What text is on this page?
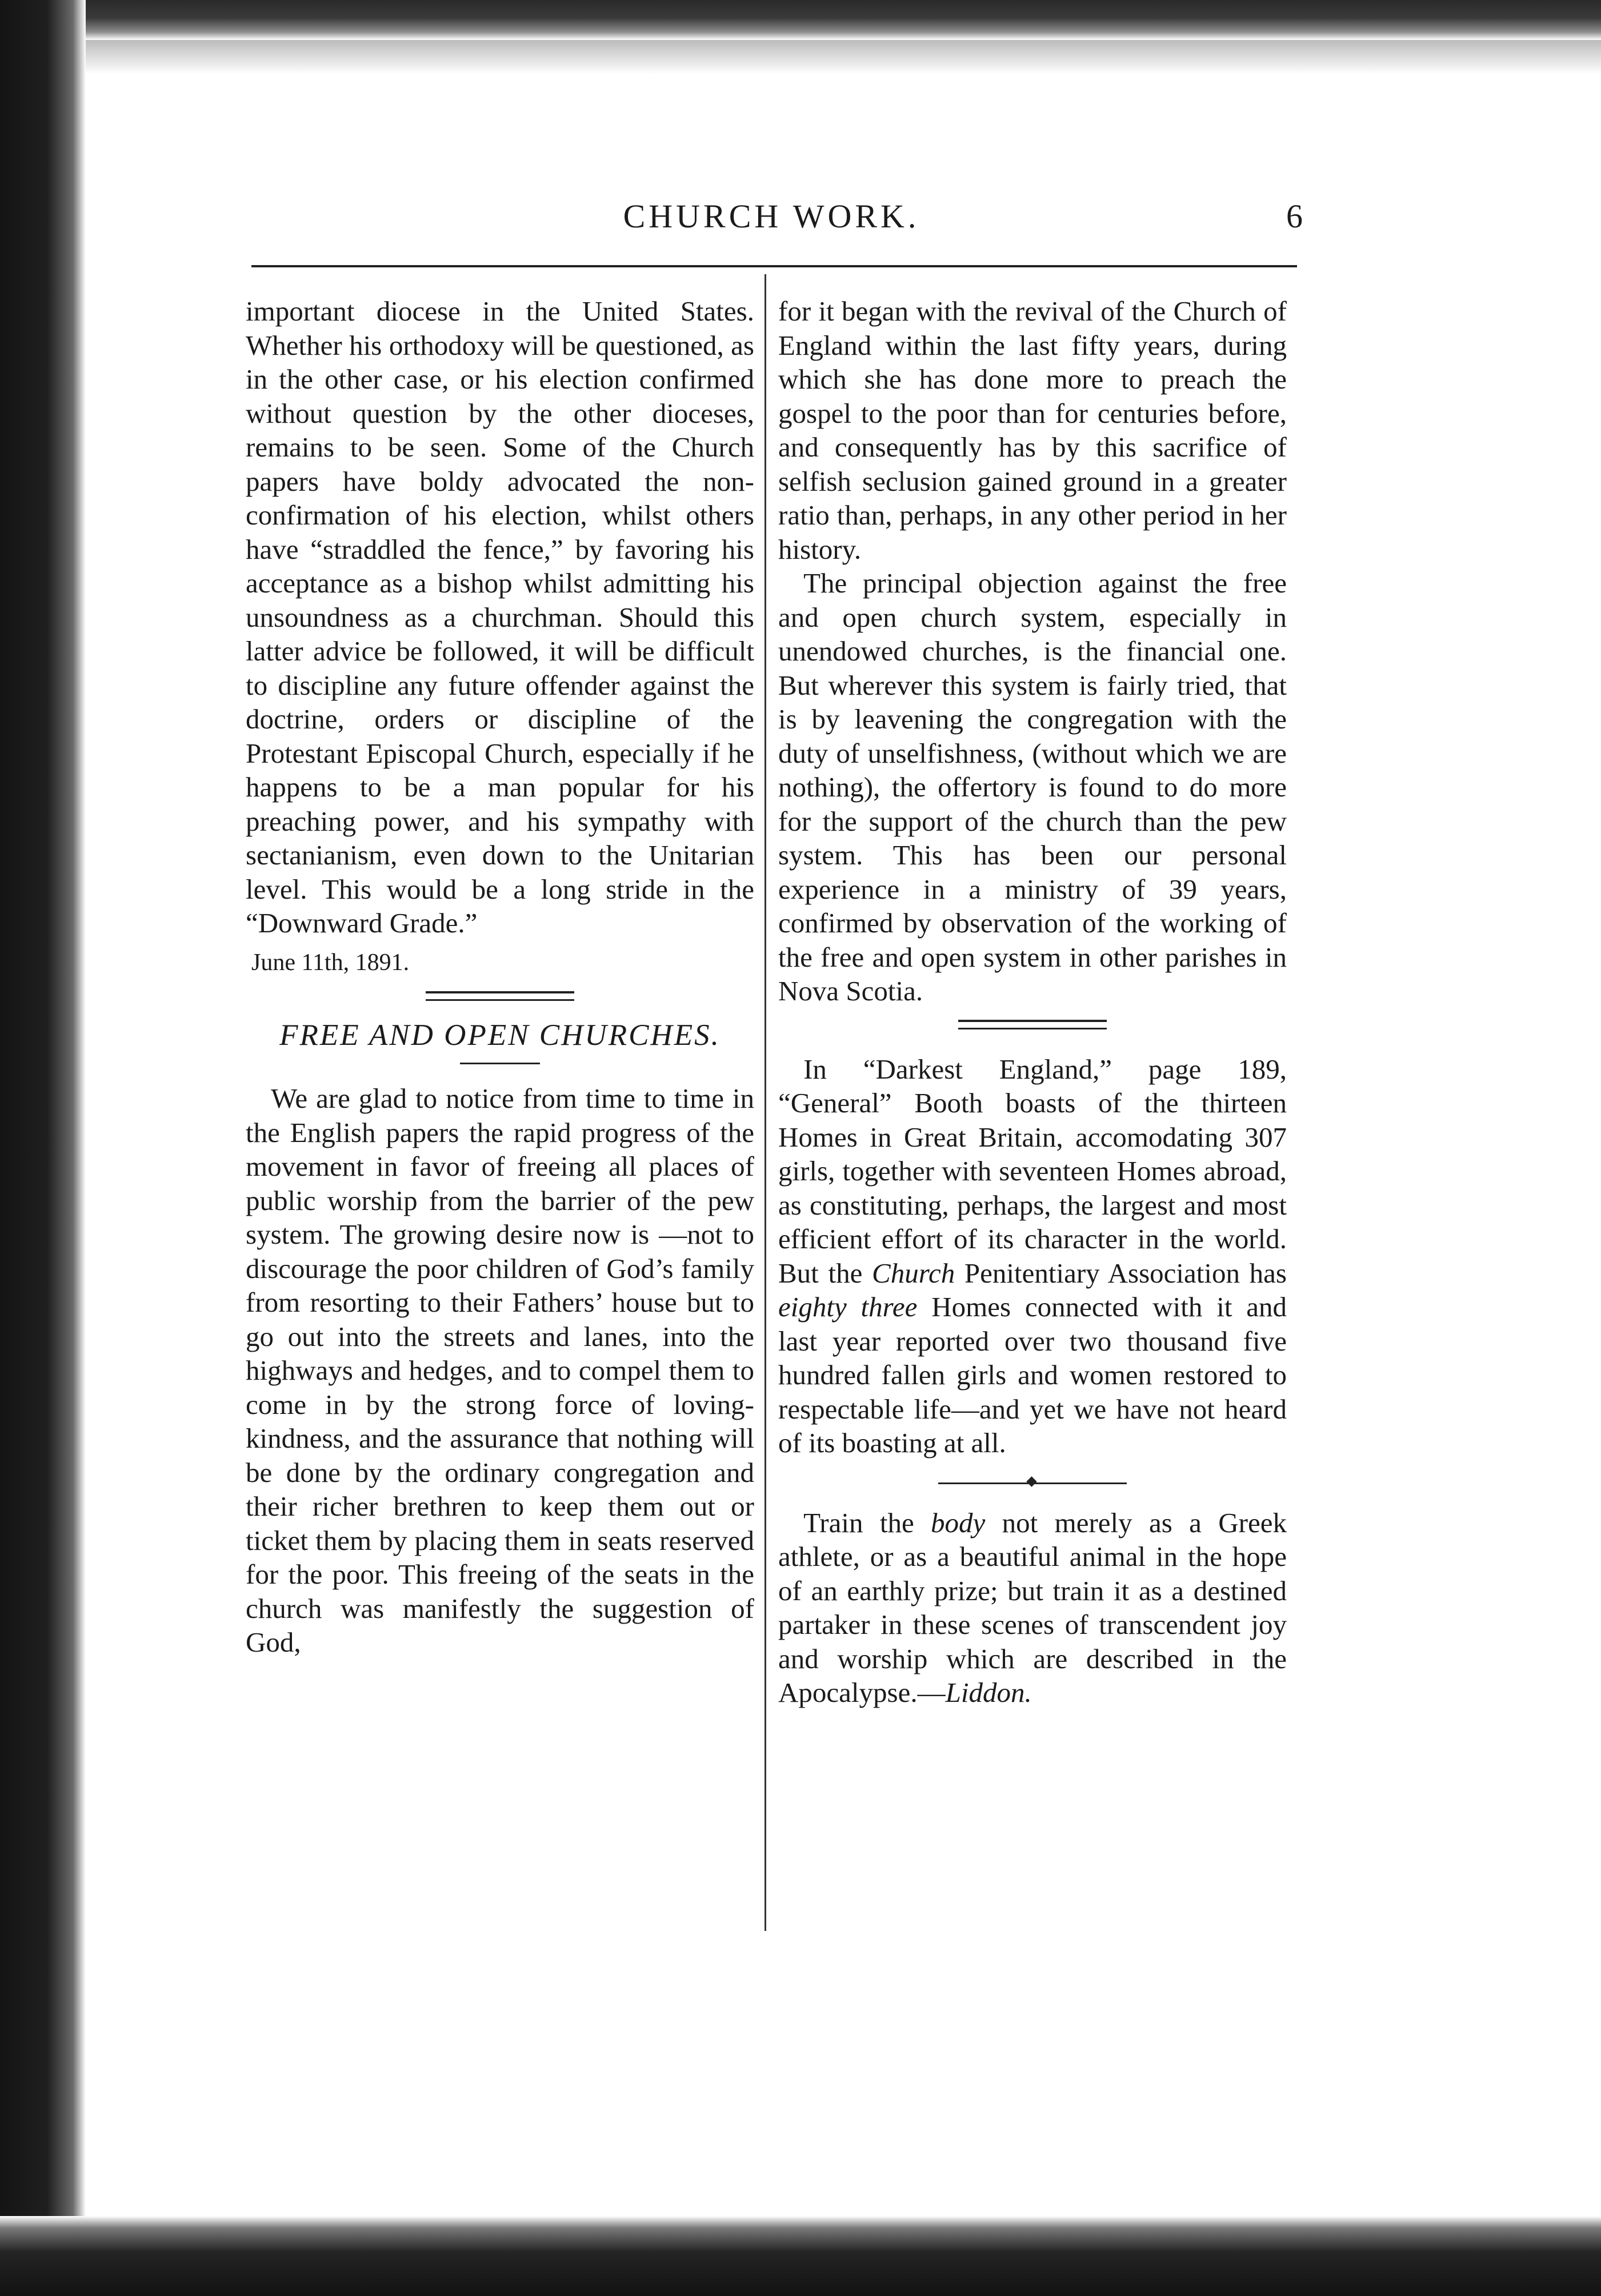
CHURCH WORK.	6

important diocese in the United States. Whether his orthodoxy will be questioned, as in the other case, or his election confirmed without question by the other dioceses, remains to be seen. Some of the Church papers have boldy advocated the non-confirmation of his election, whilst others have “straddled the fence,” by favoring his acceptance as a bishop whilst admitting his unsoundness as a churchman. Should this latter advice be followed, it will be difficult to discipline any future offender against the doctrine, orders or discipline of the Protestant Episcopal Church, especially if he happens to be a man popular for his preaching power, and his sympathy with sectanianism, even down to the Unitarian level. This would be a long stride in the “Downward Grade.”

June 11th, 1891.
FREE AND OPEN CHURCHES.

We are glad to notice from time to time in the English papers the rapid progress of the movement in favor of freeing all places of public worship from the barrier of the pew system. The growing desire now is —not to discourage the poor children of God’s family from resorting to their Fathers’ house but to go out into the streets and lanes, into the highways and hedges, and to compel them to come in by the strong force of loving-kindness, and the assurance that nothing will be done by the ordinary congregation and their richer brethren to keep them out or ticket them by placing them in seats reserved for the poor. This freeing of the seats in the church was manifestly the suggestion of God,

for it began with the revival of the Church of England within the last fifty years, during which she has done more to preach the gospel to the poor than for centuries before, and consequently has by this sacrifice of selfish seclusion gained ground in a greater ratio than, perhaps, in any other period in her history.

The principal objection against the free and open church system, especially in unendowed churches, is the financial one. But wherever this system is fairly tried, that is by leavening the congregation with the duty of unselfishness, (without which we are nothing), the offertory is found to do more for the support of the church than the pew system. This has been our personal experience in a ministry of 39 years, confirmed by observation of the working of the free and open system in other parishes in Nova Scotia.

In “Darkest England,” page 189, “General” Booth boasts of the thirteen Homes in Great Britain, accomodating 307 girls, together with seventeen Homes abroad, as constituting, perhaps, the largest and most efficient effort of its character in the world. But the Church Penitentiary Association has eighty three Homes connected with it and last year reported over two thousand five hundred fallen girls and women restored to respectable life—and yet we have not heard of its boasting at all.

Train the body not merely as a Greek athlete, or as a beautiful animal in the hope of an earthly prize; but train it as a destined partaker in these scenes of transcendent joy and worship which are described in the Apocalypse.—Liddon.
